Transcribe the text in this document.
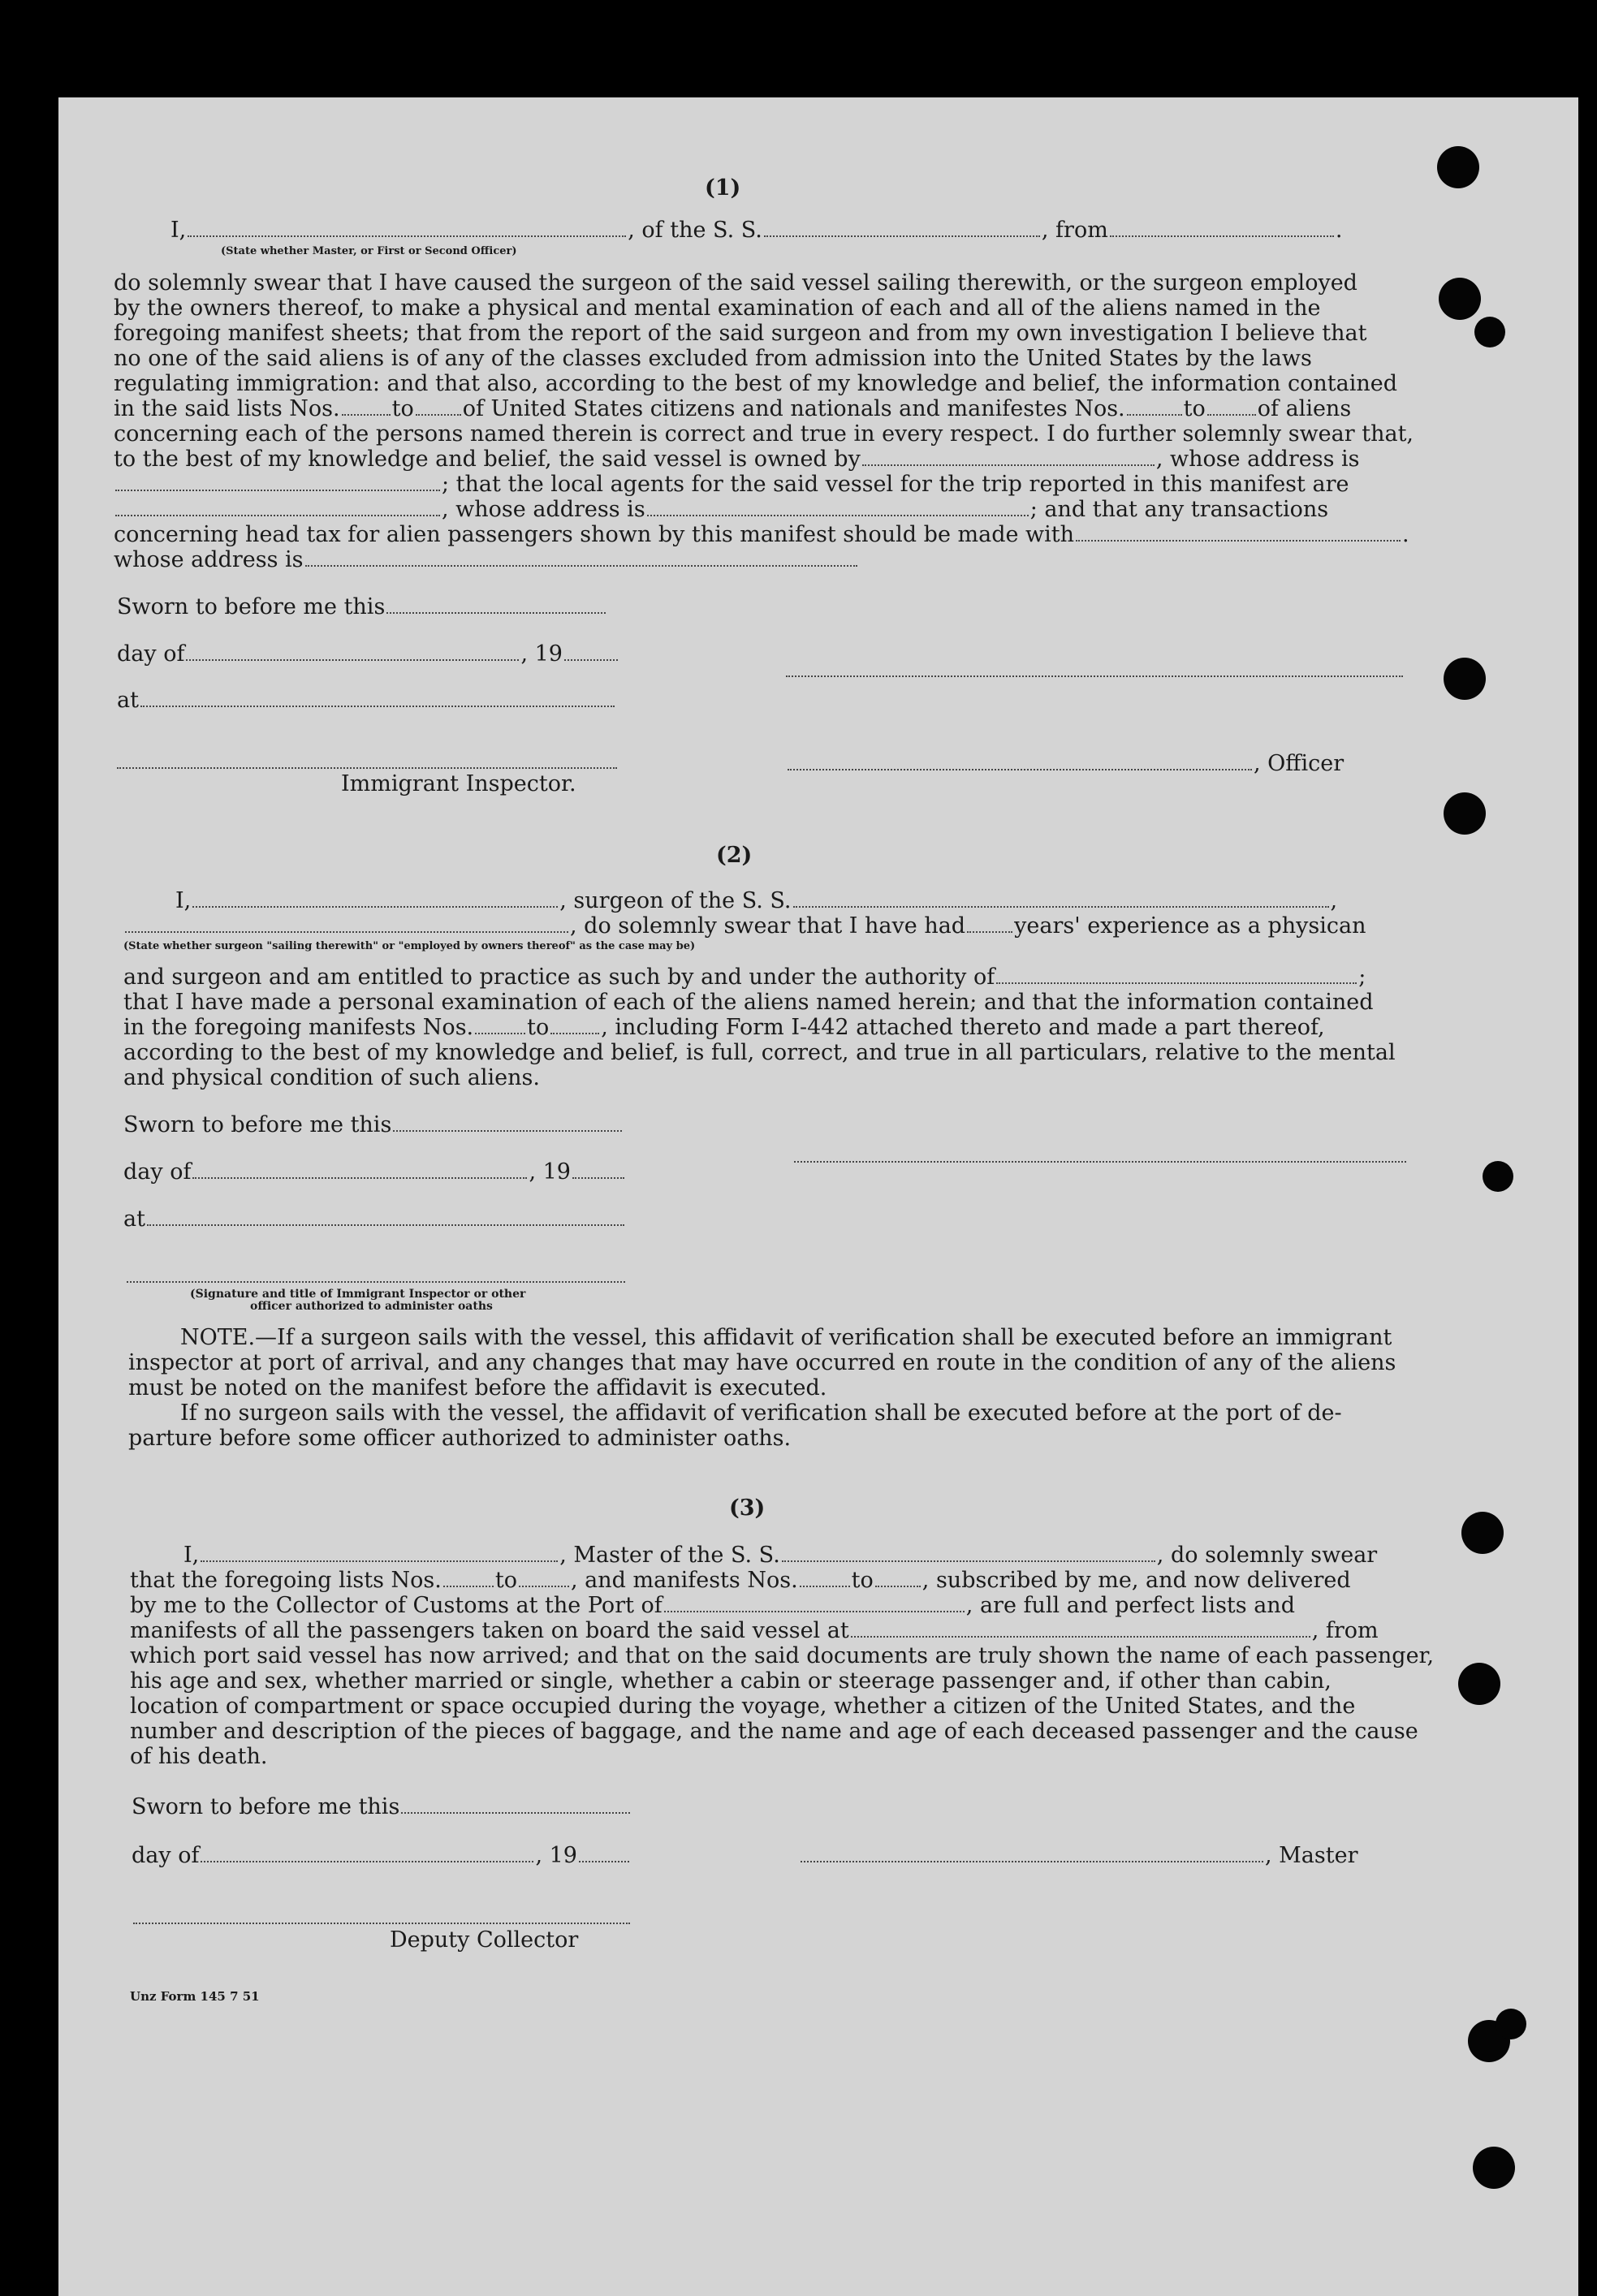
(1)
I,	, of the S. S.	, from	.
(State whether Master, or First or Second Officer)
do solemnly swear that I have caused the surgeon of the said vessel sailing therewith, or the surgeon employed
by the owners thereof, to make a physical and mental examination of each and all of the aliens named in the
foregoing manifest sheets; that from the report of the said surgeon and from my own investigation I believe that
no one of the said aliens is of any of the classes excluded from admission into the United States by the laws
regulating immigration: and that also, according to the best of my knowledge and belief, the information contained
in the said lists Nos. to of United States citizens and nationals and manifestes Nos.	to of aliens
concerning each of the persons named therein is correct and true in every respect. I do further solemnly swear that,
to the best of my knowledge and belief, the said vessel is owned by	, whose address is
; that the local agents for the said vessel for the trip reported in this manifest are
, whose address is	; and that any transactions
concerning head tax for alien passengers shown by this manifest should be made with	.
whose address is
Sworn to before me this
day of	, 19
at
, Officer
Immigrant Inspector.
(2)
I,	, surgeon of the S. S.	,
, do solemnly swear that I have had years' experience as a physican
(State whether surgeon "sailing therewith" or "employed by owners thereof" as the case may be)
and surgeon and am entitled to practice as such by and under the authority of	;
that I have made a personal examination of each of the aliens named herein; and that the information contained
in the foregoing manifests Nos. to , including Form I-442 attached thereto and made a part thereof,
according to the best of my knowledge and belief, is full, correct, and true in all particulars, relative to the mental
and physical condition of such aliens.
Sworn to before me this
day of	, 19
at
(Signature and title of Immigrant Inspector or other
officer authorized to administer oaths
NOTE.—If a surgeon sails with the vessel, this affidavit of verification shall be executed before an immigrant
inspector at port of arrival, and any changes that may have occurred en route in the condition of any of the aliens
must be noted on the manifest before the affidavit is executed.
If no surgeon sails with the vessel, the affidavit of verification shall be executed before at the port of de-
parture before some officer authorized to administer oaths.
(3)
I,	, Master of the S. S.	, do solemnly swear
that the foregoing lists Nos. to , and manifests Nos. to , subscribed by me, and now delivered
by me to the Collector of Customs at the Port of	, are full and perfect lists and
manifests of all the passengers taken on board the said vessel at	, from
which port said vessel has now arrived; and that on the said documents are truly shown the name of each passenger,
his age and sex, whether married or single, whether a cabin or steerage passenger and, if other than cabin,
location of compartment or space occupied during the voyage, whether a citizen of the United States, and the
number and description of the pieces of baggage, and the name and age of each deceased passenger and the cause
of his death.
Sworn to before me this
day of	, 19	, Master
Deputy Collector
Unz Form 145 7 51
